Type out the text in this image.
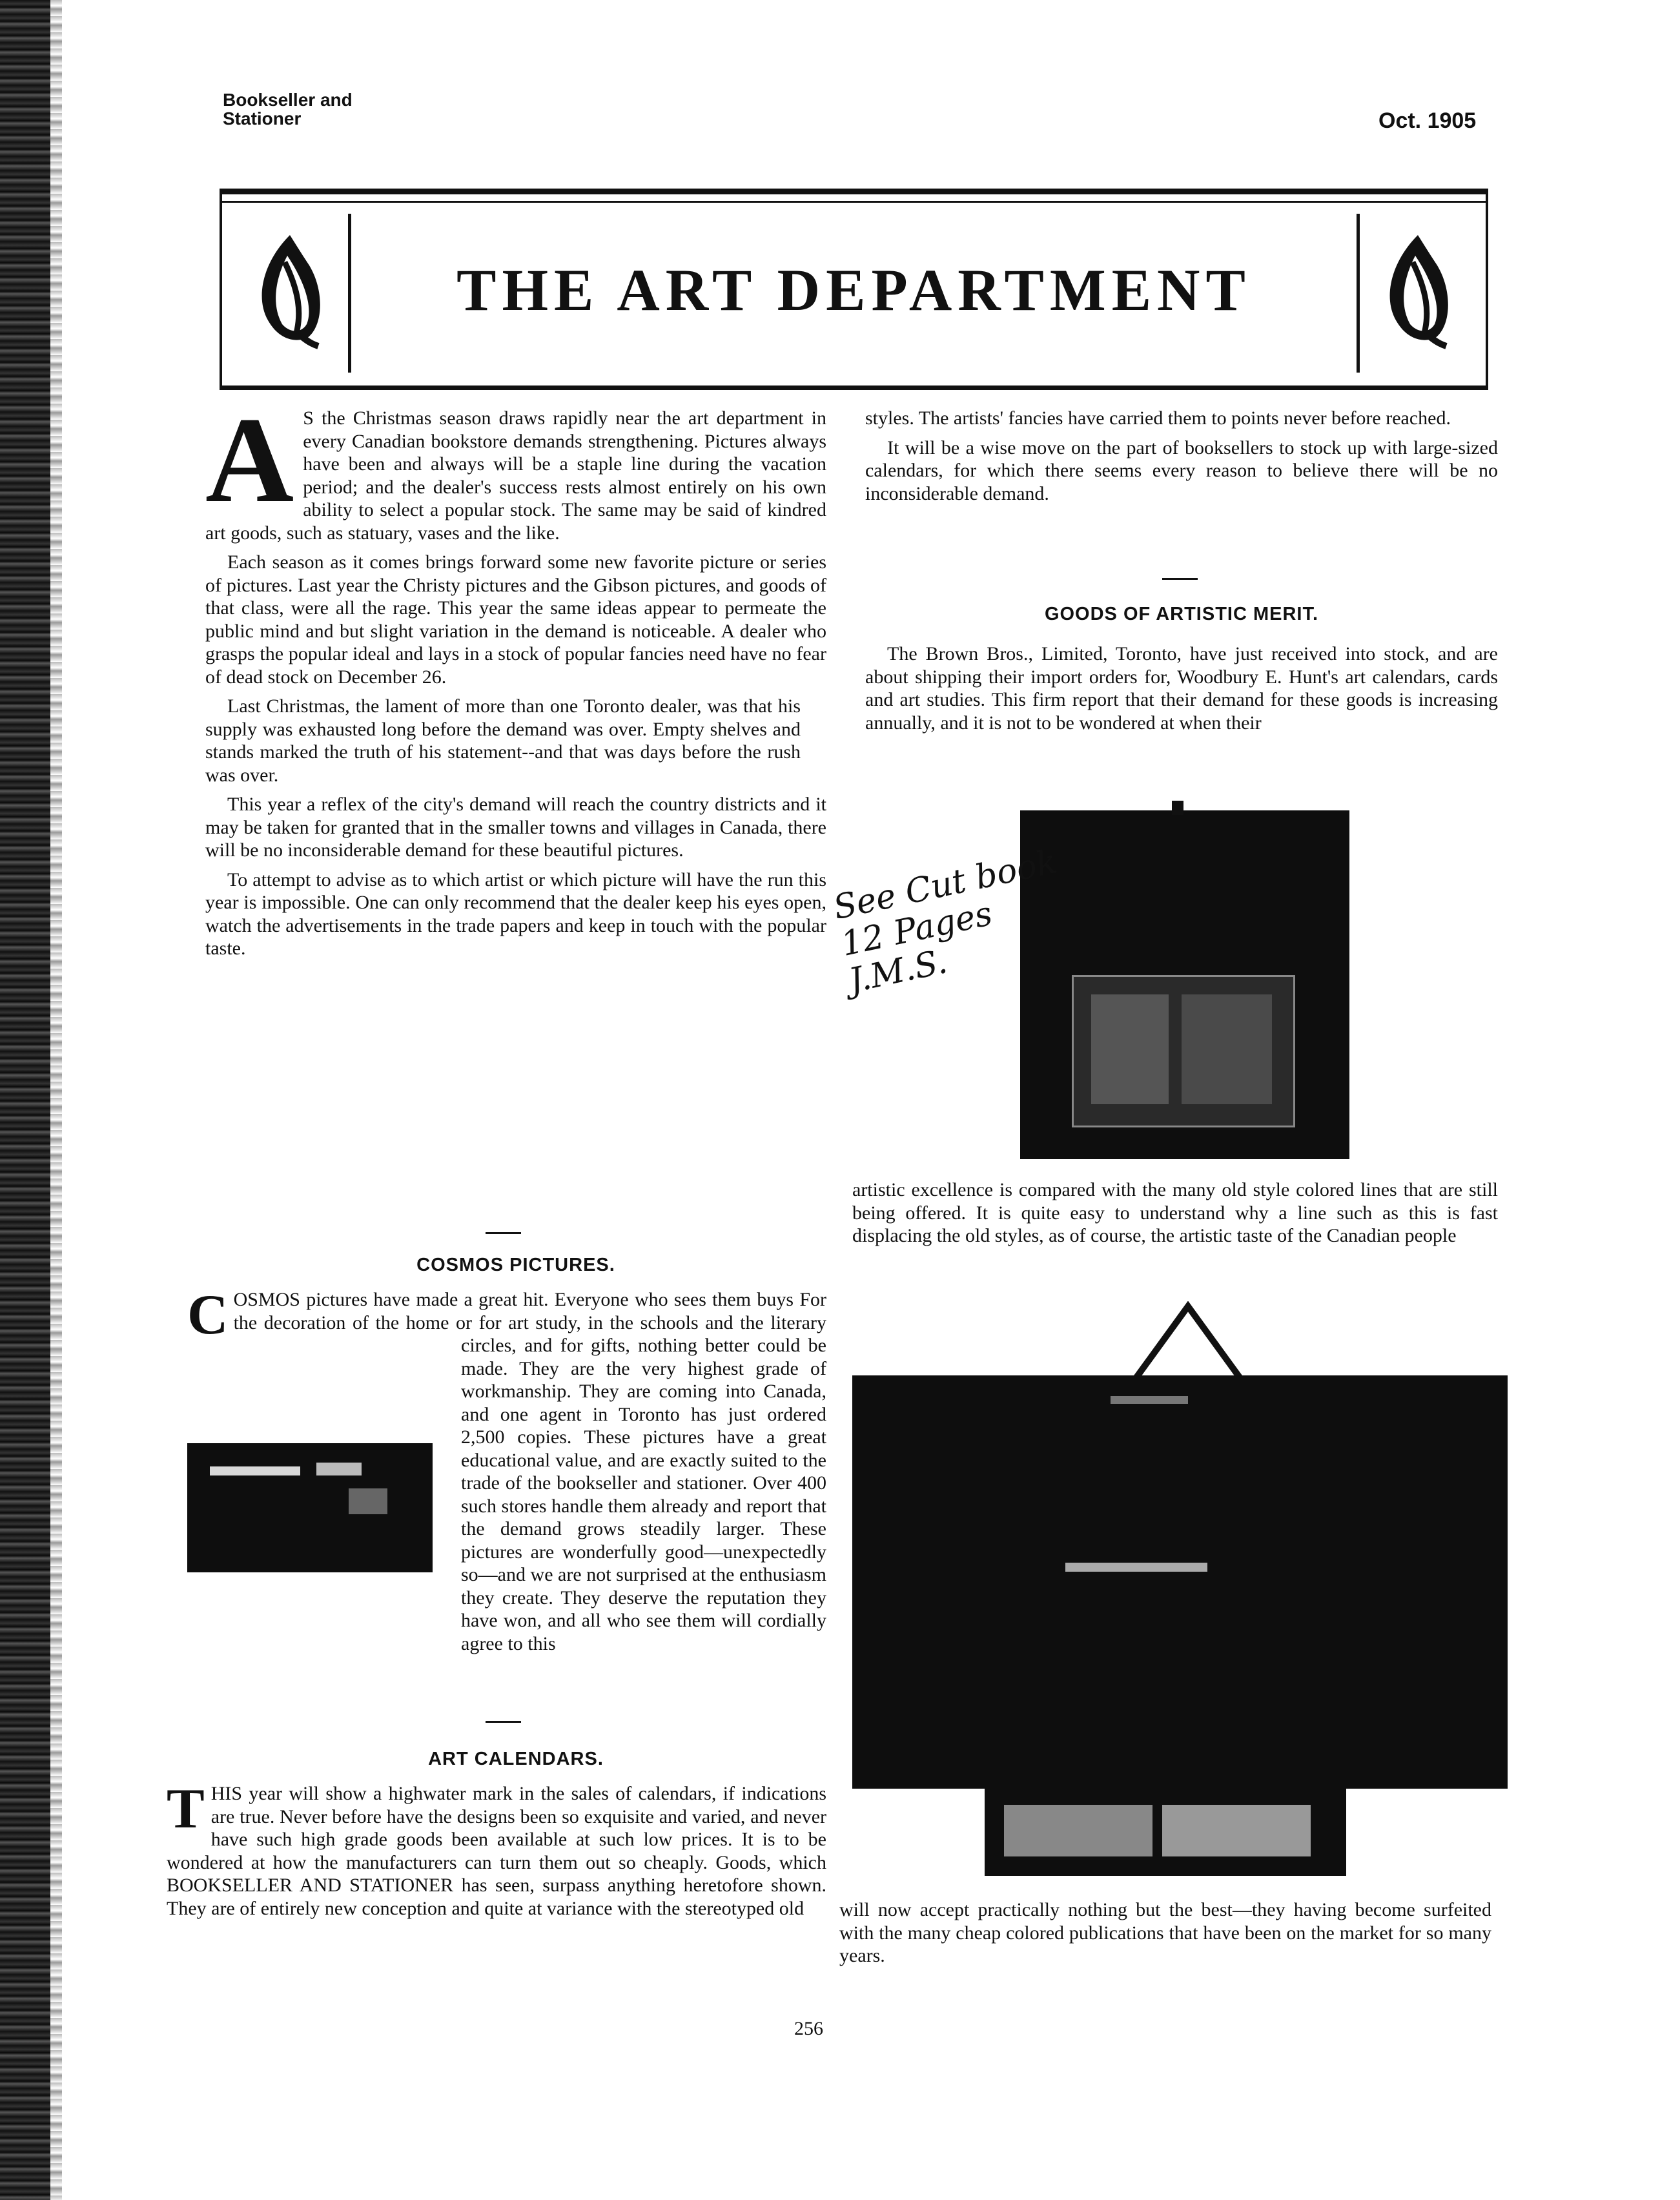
Bookseller and
Stationer	Oct. 1905
THE ART DEPARTMENT

A S the Christmas season draws rapidly near the art department in every Canadian bookstore demands strengthening. Pictures always have been and always will be a staple line during the vacation period; and the dealer's success rests almost entirely on his own ability to select a popular stock. The same may be said of kindred art goods, such as statuary, vases and the like.

Each season as it comes brings forward some new favorite picture or series of pictures. Last year the Christy pictures and the Gibson pictures, and goods of that class, were all the rage. This year the same ideas appear to permeate the public mind and but slight variation in the demand is noticeable. A dealer who grasps the popular ideal and lays in a stock of popular fancies need have no fear of dead stock on December 26.

Last Christmas, the lament of more than one Toronto dealer, was that his supply was exhausted long before the demand was over. Empty shelves and stands marked the truth of his statement--and that was days before the rush was over.

This year a reflex of the city's demand will reach the country districts and it may be taken for granted that in the smaller towns and villages in Canada, there will be no inconsiderable demand for these beautiful pictures.

To attempt to advise as to which artist or which picture will have the run this year is impossible. One can only recommend that the dealer keep his eyes open, watch the advertisements in the trade papers and keep in touch with the popular taste.

COSMOS PICTURES.

C OSMOS pictures have made a great hit. Everyone who sees them buys For the decoration of the home or for art study, in the schools and the literary circles, and for gifts, nothing better could be made. They are the very highest grade of workmanship. They are coming into Canada, and one agent in Toronto has just ordered 2,500 copies. These pictures have a great educational value, and are exactly suited to the trade of the bookseller and stationer. Over 400 such stores handle them already and report that the demand grows steadily larger. These pictures are wonderfully good—unexpectedly so—and we are not surprised at the enthusiasm they create. They deserve the reputation they have won, and all who see them will cordially agree to this

ART CALENDARS.

THIS year will show a highwater mark in the sales of calendars, if indications are true. Never before have the designs been so exquisite and varied, and never have such high grade goods been available at such low prices. It is to be wondered at how the manufacturers can turn them out so cheaply. Goods, which BOOKSELLER AND STATIONER has seen, surpass anything heretofore shown. They are of entirely new conception and quite at variance with the stereotyped old

styles. The artists' fancies have carried them to points never before reached.

It will be a wise move on the part of booksellers to stock up with large-sized calendars, for which there seems every reason to believe there will be no inconsiderable demand.

GOODS OF ARTISTIC MERIT.

The Brown Bros., Limited, Toronto, have just received into stock, and are about shipping their import orders for, Woodbury E. Hunt's art calendars, cards and art studies. This firm report that their demand for these goods is increasing annually, and it is not to be wondered at when their

See Cut book
12 Pages
J.M.S.

artistic excellence is compared with the many old style colored lines that are still being offered. It is quite easy to understand why a line such as this is fast displacing the old styles, as of course, the artistic taste of the Canadian people

will now accept practically nothing but the best—they having become surfeited with the many cheap colored publications that have been on the market for so many years.

256
